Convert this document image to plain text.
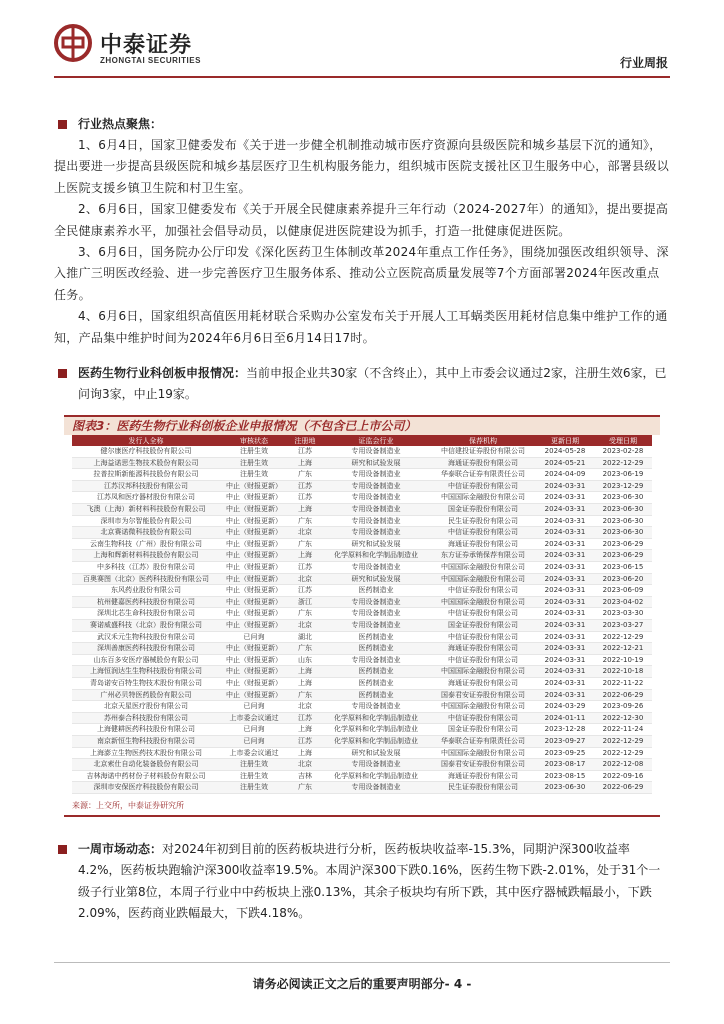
中泰证券
ZHONGTAI SECURITIES	行业周报
行业热点聚焦：

1、6月4日，国家卫健委发布《关于进一步健全机制推动城市医疗资源向县级医院和城乡基层下沉的通知》，提出要进一步提高县级医院和城乡基层医疗卫生机构服务能力，组织城市医院支援社区卫生服务中心，部署县级以上医院支援乡镇卫生院和村卫生室。

2、6月6日，国家卫健委发布《关于开展全民健康素养提升三年行动（2024-2027年）的通知》，提出要提高全民健康素养水平，加强社会倡导动员，以健康促进医院建设为抓手，打造一批健康促进医院。

3、6月6日，国务院办公厅印发《深化医药卫生体制改革2024年重点工作任务》，围绕加强医改组织领导、深入推广三明医改经验、进一步完善医疗卫生服务体系、推动公立医院高质量发展等7个方面部署2024年医改重点任务。

4、6月6日，国家组织高值医用耗材联合采购办公室发布关于开展人工耳蜗类医用耗材信息集中维护工作的通知，产品集中维护时间为2024年6月6日至6月14日17时。

医药生物行业科创板申报情况：当前申报企业共30家（不含终止），其中上市委会议通过2家，注册生效6家，已问询3家，中止19家。
图表3：医药生物行业科创板企业申报情况（不包含已上市公司）
发行人全称	审核状态	注册地	证监会行业	保荐机构	更新日期	受理日期
健尔康医疗科技股份有限公司	注册生效	江苏	专用设备制造业	中信建投证券股份有限公司	2024-05-28	2023-02-28
上海益诺思生物技术股份有限公司	注册生效	上海	研究和试验发展	海通证券股份有限公司	2024-05-21	2022-12-29
拉普拉斯新能源科技股份有限公司	注册生效	广东	专用设备制造业	华泰联合证券有限责任公司	2024-04-09	2023-06-19
江苏汉邦科技股份有限公司	中止（财报更新）	江苏	专用设备制造业	中信证券股份有限公司	2024-03-31	2023-12-29
江苏凤和医疗器材股份有限公司	中止（财报更新）	江苏	专用设备制造业	中国国际金融股份有限公司	2024-03-31	2023-06-30
飞澳（上海）新材料科技股份有限公司	中止（财报更新）	上海	专用设备制造业	国金证券股份有限公司	2024-03-31	2023-06-30
深圳市为尔智能股份有限公司	中止（财报更新）	广东	专用设备制造业	民生证券股份有限公司	2024-03-31	2023-06-30
北京赛诺微科技股份有限公司	中止（财报更新）	北京	专用设备制造业	中信证券股份有限公司	2024-03-31	2023-06-30
云南生物科技（广州）股份有限公司	中止（财报更新）	广东	研究和试验发展	海通证券股份有限公司	2024-03-31	2023-06-29
上海和辉新材料科技股份有限公司	中止（财报更新）	上海	化学原料和化学制品制造业	东方证券承销保荐有限公司	2024-03-31	2023-06-29
中多科技（江苏）股份有限公司	中止（财报更新）	江苏	专用设备制造业	中国国际金融股份有限公司	2024-03-31	2023-06-15
百奥赛图（北京）医药科技股份有限公司	中止（财报更新）	北京	研究和试验发展	中国国际金融股份有限公司	2024-03-31	2023-06-20
东风药业股份有限公司	中止（财报更新）	江苏	医药制造业	中信证券股份有限公司	2024-03-31	2023-06-09
杭州健嘉医药科技股份有限公司	中止（财报更新）	浙江	专用设备制造业	中国国际金融股份有限公司	2024-03-31	2023-04-02
深圳北芯生命科技股份有限公司	中止（财报更新）	广东	专用设备制造业	中信证券股份有限公司	2024-03-31	2023-03-30
赛诺威盛科技（北京）股份有限公司	中止（财报更新）	北京	专用设备制造业	国金证券股份有限公司	2024-03-31	2023-03-27
武汉禾元生物科技股份有限公司	已问询	湖北	医药制造业	中信证券股份有限公司	2024-03-31	2022-12-29
深圳善康医药科技股份有限公司	中止（财报更新）	广东	医药制造业	海通证券股份有限公司	2024-03-31	2022-12-21
山东百多安医疗器械股份有限公司	中止（财报更新）	山东	专用设备制造业	中信证券股份有限公司	2024-03-31	2022-10-19
上海恒润达生生物科技股份有限公司	中止（财报更新）	上海	医药制造业	中国国际金融股份有限公司	2024-03-31	2022-10-18
青岛诺安百特生物技术股份有限公司	中止（财报更新）	上海	医药制造业	海通证券股份有限公司	2024-03-31	2022-11-22
广州必贝特医药股份有限公司	中止（财报更新）	广东	医药制造业	国泰君安证券股份有限公司	2024-03-31	2022-06-29
北京天星医疗股份有限公司	已问询	北京	专用设备制造业	中国国际金融股份有限公司	2024-03-29	2023-09-26
苏州泰合科技股份有限公司	上市委会议通过	江苏	化学原料和化学制品制造业	中信证券股份有限公司	2024-01-11	2022-12-30
上海健耕医药科技股份有限公司	已问询	上海	化学原料和化学制品制造业	国金证券股份有限公司	2023-12-28	2022-11-24
南京新恒生物科技股份有限公司	已问询	江苏	化学原料和化学制品制造业	华泰联合证券有限责任公司	2023-09-27	2022-12-29
上海澎立生物医药技术股份有限公司	上市委会议通过	上海	研究和试验发展	中国国际金融股份有限公司	2023-09-25	2022-12-29
北京索仕自动化装备股份有限公司	注册生效	北京	专用设备制造业	国泰君安证券股份有限公司	2023-08-17	2022-12-08
吉林海诺中药材份子材料股份有限公司	注册生效	吉林	化学原料和化学制品制造业	海通证券股份有限公司	2023-08-15	2022-09-16
深圳市安保医疗科技股份有限公司	注册生效	广东	专用设备制造业	民生证券股份有限公司	2023-06-30	2022-06-29
来源：上交所，中泰证券研究所
一周市场动态：对2024年初到目前的医药板块进行分析，医药板块收益率-15.3%，同期沪深300收益率4.2%，医药板块跑输沪深300收益率19.5%。本周沪深300下跌0.16%，医药生物下跌-2.01%，处于31个一级子行业第8位，本周子行业中中药板块上涨0.13%，其余子板块均有所下跌，其中医疗器械跌幅最小，下跌2.09%，医药商业跌幅最大，下跌4.18%。
请务必阅读正文之后的重要声明部分- 4 -
